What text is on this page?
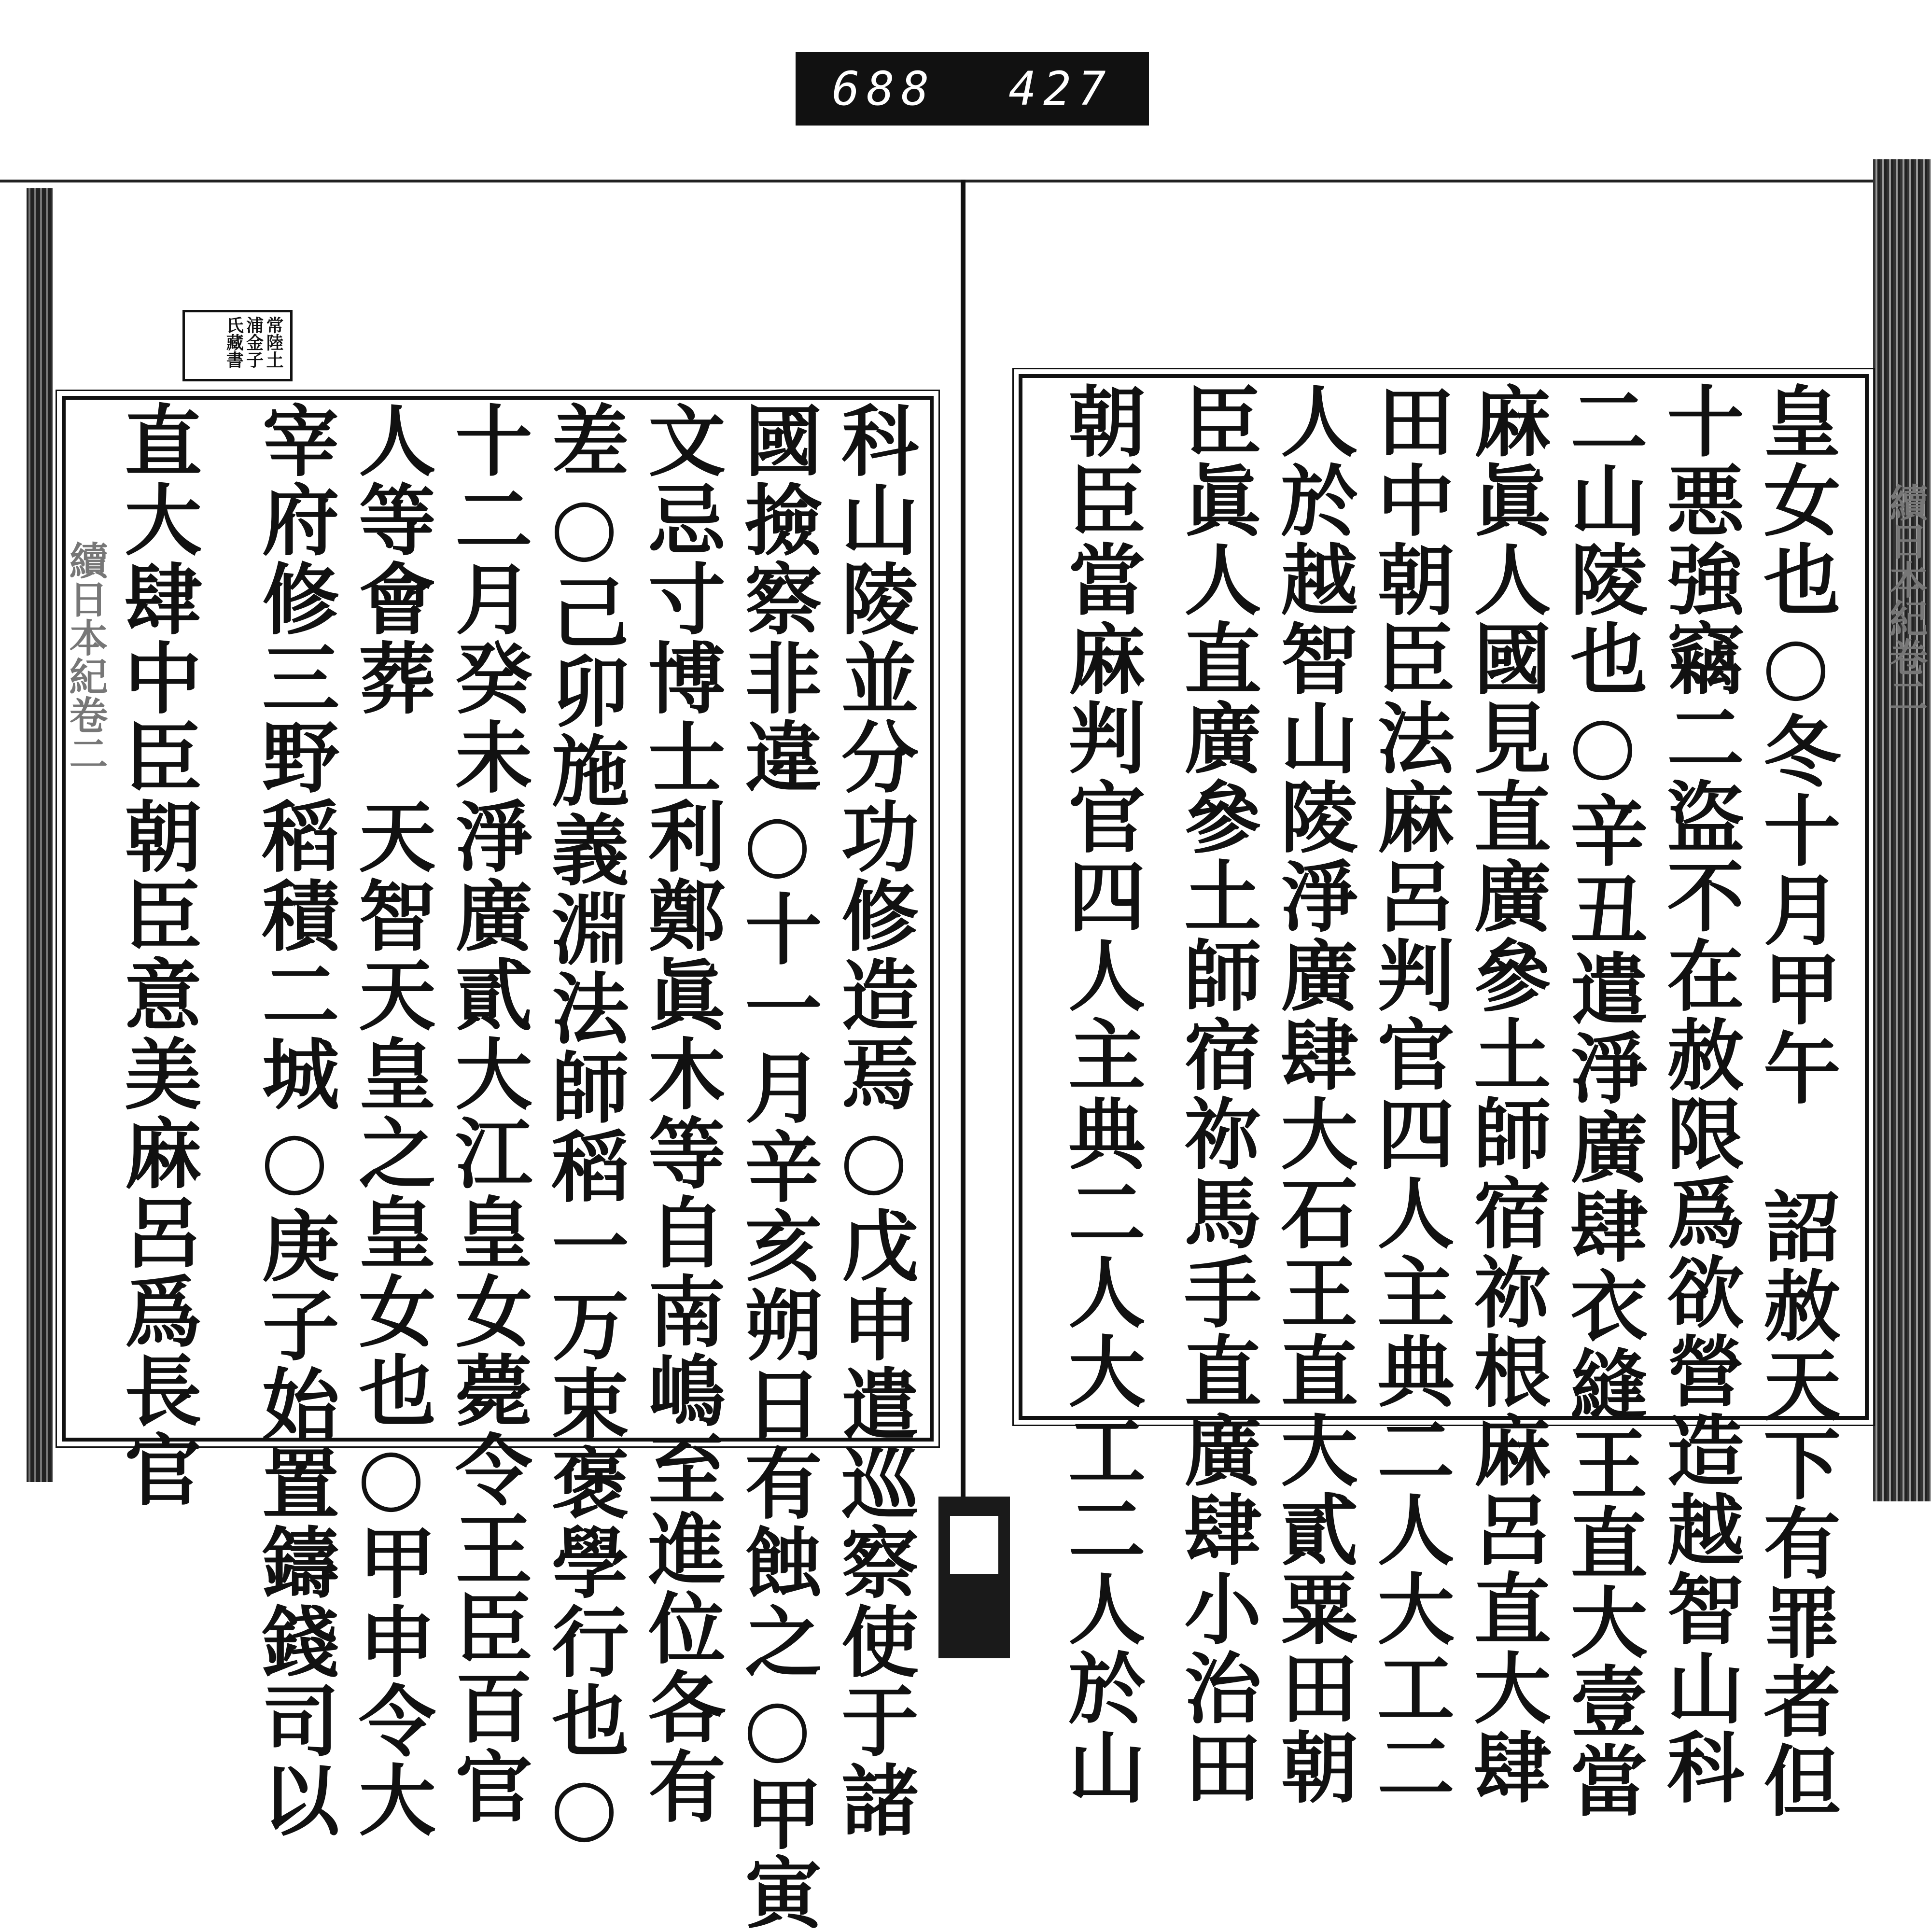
688 427
續日本紀卷二	續日本紀卷二
常陸土浦金子氏藏書
科山陵並分功修造焉○戊申遣巡察使于諸
國撿察非違○十一月辛亥朔日有蝕之○甲寅
文忌寸博士利鄭眞木等自南嶋至進位各有
差○己卯施義淵法師稻一万束褒學行也○
十二月癸未淨廣貳大江皇女薨令王臣百官
人等會葬　天智天皇之皇女也○甲申令大
宰府修三野稻積二城○庚子始置鑄錢司以
直大肆中臣朝臣意美麻呂爲長官	皇女也○冬十月甲午　詔赦天下有罪者但
十悪強竊二盜不在赦限爲欲營造越智山科
二山陵也○辛丑遣淨廣肆衣縫王直大壹當
麻眞人國見直廣參土師宿祢根麻呂直大肆
田中朝臣法麻呂判官四人主典二人大工二
人於越智山陵淨廣肆大石王直大貳粟田朝
臣眞人直廣參土師宿祢馬手直廣肆小治田
朝臣當麻判官四人主典二人大工二人於山
